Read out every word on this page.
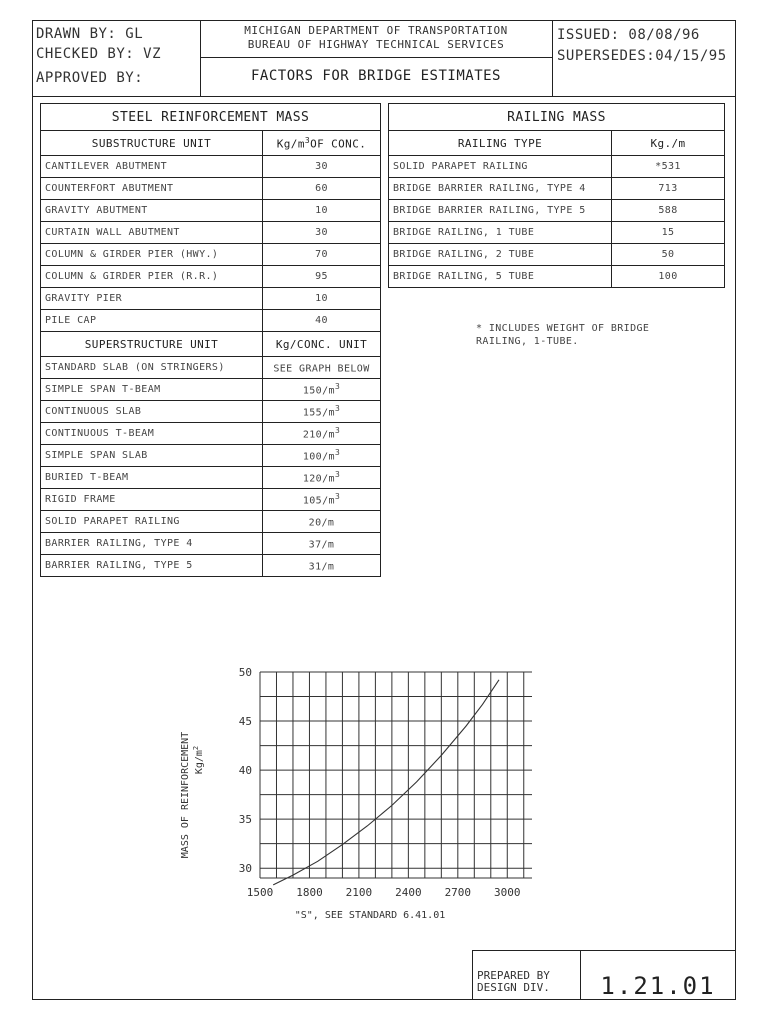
DRAWN BY: GL
CHECKED BY: VZ
APPROVED BY:
MICHIGAN DEPARTMENT OF TRANSPORTATION
BUREAU OF HIGHWAY TECHNICAL SERVICES
FACTORS FOR BRIDGE ESTIMATES
ISSUED: 08/08/96
SUPERSEDES:04/15/95
STEEL REINFORCEMENT MASS	
SUBSTRUCTURE UNIT	$Kg/m^3OF$ CONC.
CANTILEVER ABUTMENT	30
COUNTERFORT ABUTMENT	60
GRAVITY ABUTMENT	10
CURTAIN WALL ABUTMENT	30
COLUMN & GIRDER PIER (HWY.)	70
COLUMN & GIRDER PIER (R.R.)	95
GRAVITY PIER	10
PILE CAP	40
SUPERSTRUCTURE UNIT	Kg/CONC. UNIT
STANDARD SLAB (ON STRINGERS)	SEE GRAPH BELOW
SIMPLE SPAN T-BEAM	$150/m^3$
CONTINUOUS SLAB	$155/m^3$
CONTINUOUS T-BEAM	$210/m^3$
SIMPLE SPAN SLAB	$100/m^3$
BURIED T-BEAM	$120/m^3$
RIGID FRAME	$105/m^3$
SOLID PARAPET RAILING	20/m
BARRIER RAILING, TYPE 4	37/m
BARRIER RAILING, TYPE 5	31/m
RAILING MASS	
RAILING TYPE	Kg./m
SOLID PARAPET RAILING	*531
BRIDGE BARRIER RAILING, TYPE 4	713
BRIDGE BARRIER RAILING, TYPE 5	588
BRIDGE RAILING, 1 TUBE	15
BRIDGE RAILING, 2 TUBE	50
BRIDGE RAILING, 5 TUBE	100
* INCLUDES WEIGHT OF BRIDGE
RAILING, 1-TUBE.
30
35
40
45
50
1500 1800 2100 2400 2700 3000
MASS OF REINFORCEMENT $Kg/m^2$
"S", SEE STANDARD 6.41.01
PREPARED BY
DESIGN DIV.	1.21.01
